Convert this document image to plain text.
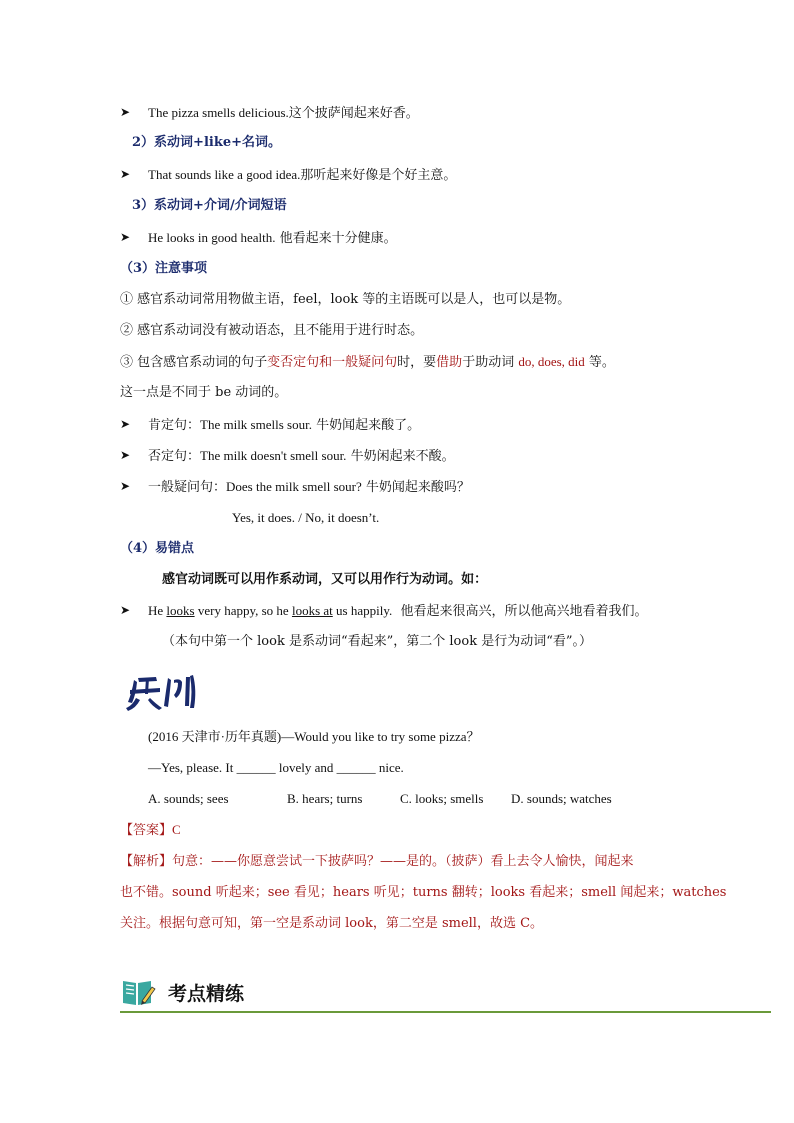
➤ The pizza smells delicious.这个披萨闻起来好香。
2）系动词+like+名词。
➤ That sounds like a good idea.那听起来好像是个好主意。
3）系动词+介词/介词短语
➤ He looks in good health. 他看起来十分健康。
（3）注意事项
① 感官系动词常用物做主语，feel，look 等的主语既可以是人，也可以是物。
② 感官系动词没有被动语态，且不能用于进行时态。
③ 包含感官系动词的句子变否定句和一般疑问句时，要借助于助动词 do, does, did 等。
这一点是不同于 be 动词的。
➤ 肯定句：The milk smells sour. 牛奶闻起来酸了。
➤ 否定句：The milk doesn't smell sour. 牛奶闲起来不酸。
➤ 一般疑问句：Does the milk smell sour? 牛奶闻起来酸吗？
Yes, it does. / No, it doesn’t.
（4）易错点
感官动词既可以用作系动词，又可以用作行为动词。如：
➤ He looks very happy, so he looks at us happily. 他看起来很高兴，所以他高兴地看着我们。
（本句中第一个 look 是系动词“看起来”，第二个 look 是行为动词“看”。）
(2016 天津市·历年真题)—Would you like to try some pizza？
—Yes, please. It ______ lovely and ______ nice.
A. sounds; sees	B. hears; turns	C. looks; smells D. sounds; watches
【答案】C
【解析】句意：——你愿意尝试一下披萨吗？——是的。（披萨）看上去令人愉快，闻起来
也不错。sound 听起来；see 看见；hears 听见；turns 翻转；looks 看起来；smell 闻起来；watches
关注。根据句意可知，第一空是系动词 look，第二空是 smell，故选 C。
考点精练
